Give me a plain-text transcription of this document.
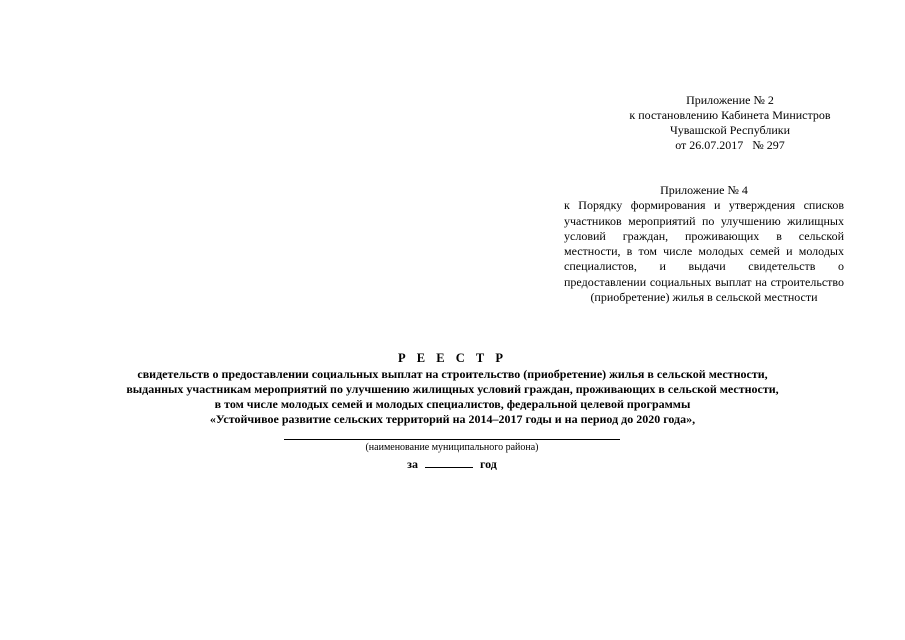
Приложение № 2
к постановлению Кабинета Министров
Чувашской Республики
от 26.07.2017 № 297
Приложение № 4
к Порядку формирования и утверждения списков участников мероприятий по улучшению жилищных условий граждан, проживающих в сельской местности, в том числе молодых семей и молодых специалистов, и выдачи свидетельств о предоставлении социальных выплат на строительство (приобретение) жилья в сельской местности
Р Е Е С Т Р
свидетельств о предоставлении социальных выплат на строительство (приобретение) жилья в сельской местности,
выданных участникам мероприятий по улучшению жилищных условий граждан, проживающих в сельской местности,
в том числе молодых семей и молодых специалистов, федеральной целевой программы
«Устойчивое развитие сельских территорий на 2014–2017 годы и на период до 2020 года»,
(наименование муниципального района)
за	год
